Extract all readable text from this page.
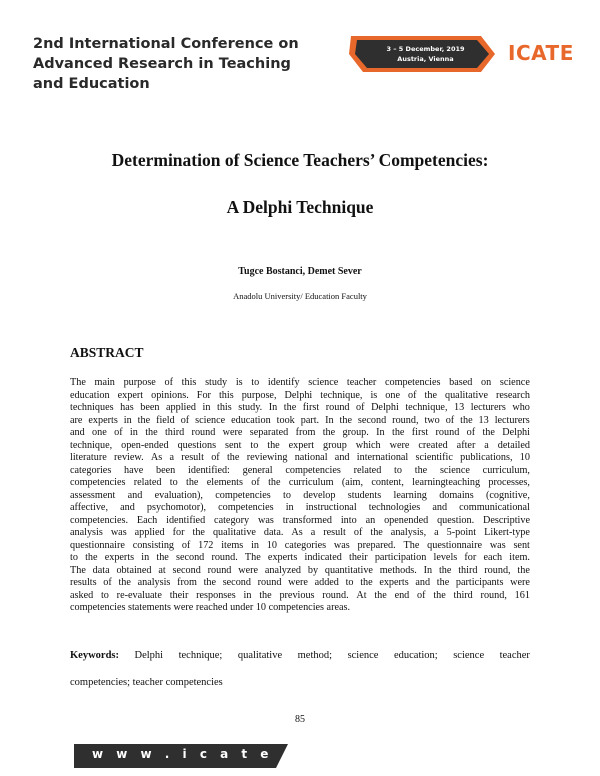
2nd International Conference on
Advanced Research in Teaching
and Education
3 – 5 December, 2019
Austria, Vienna	ICATE
Determination of Science Teachers’ Competencies:
A Delphi Technique
Tugce Bostanci, Demet Sever
Anadolu University/ Education Faculty
ABSTRACT
The main purpose of this study is to identify science teacher competencies based on science
education expert opinions. For this purpose, Delphi technique, is one of the qualitative research
techniques has been applied in this study. In the first round of Delphi technique, 13 lecturers who
are experts in the field of science education took part. In the second round, two of the 13 lecturers
and one of in the third round were separated from the group. In the first round of the Delphi
technique, open-ended questions sent to the expert group which were created after a detailed
literature review. As a result of the reviewing national and international scientific publications, 10
categories have been identified: general competencies related to the science curriculum,
competencies related to the elements of the curriculum (aim, content, learningteaching processes,
assessment and evaluation), competencies to develop students learning domains (cognitive,
affective, and psychomotor), competencies in instructional technologies and communicational
competencies. Each identified category was transformed into an openended question. Descriptive
analysis was applied for the qualitative data. As a result of the analysis, a 5-point Likert-type
questionnaire consisting of 172 items in 10 categories was prepared. The questionnaire was sent
to the experts in the second round. The experts indicated their participation levels for each item.
The data obtained at second round were analyzed by quantitative methods. In the third round, the
results of the analysis from the second round were added to the experts and the participants were
asked to re-evaluate their responses in the previous round. At the end of the third round, 161
competencies statements were reached under 10 competencies areas.
Keywords: Delphi technique; qualitative method; science education; science teacher
competencies; teacher competencies
85
w w w . i c a t e . o r g
